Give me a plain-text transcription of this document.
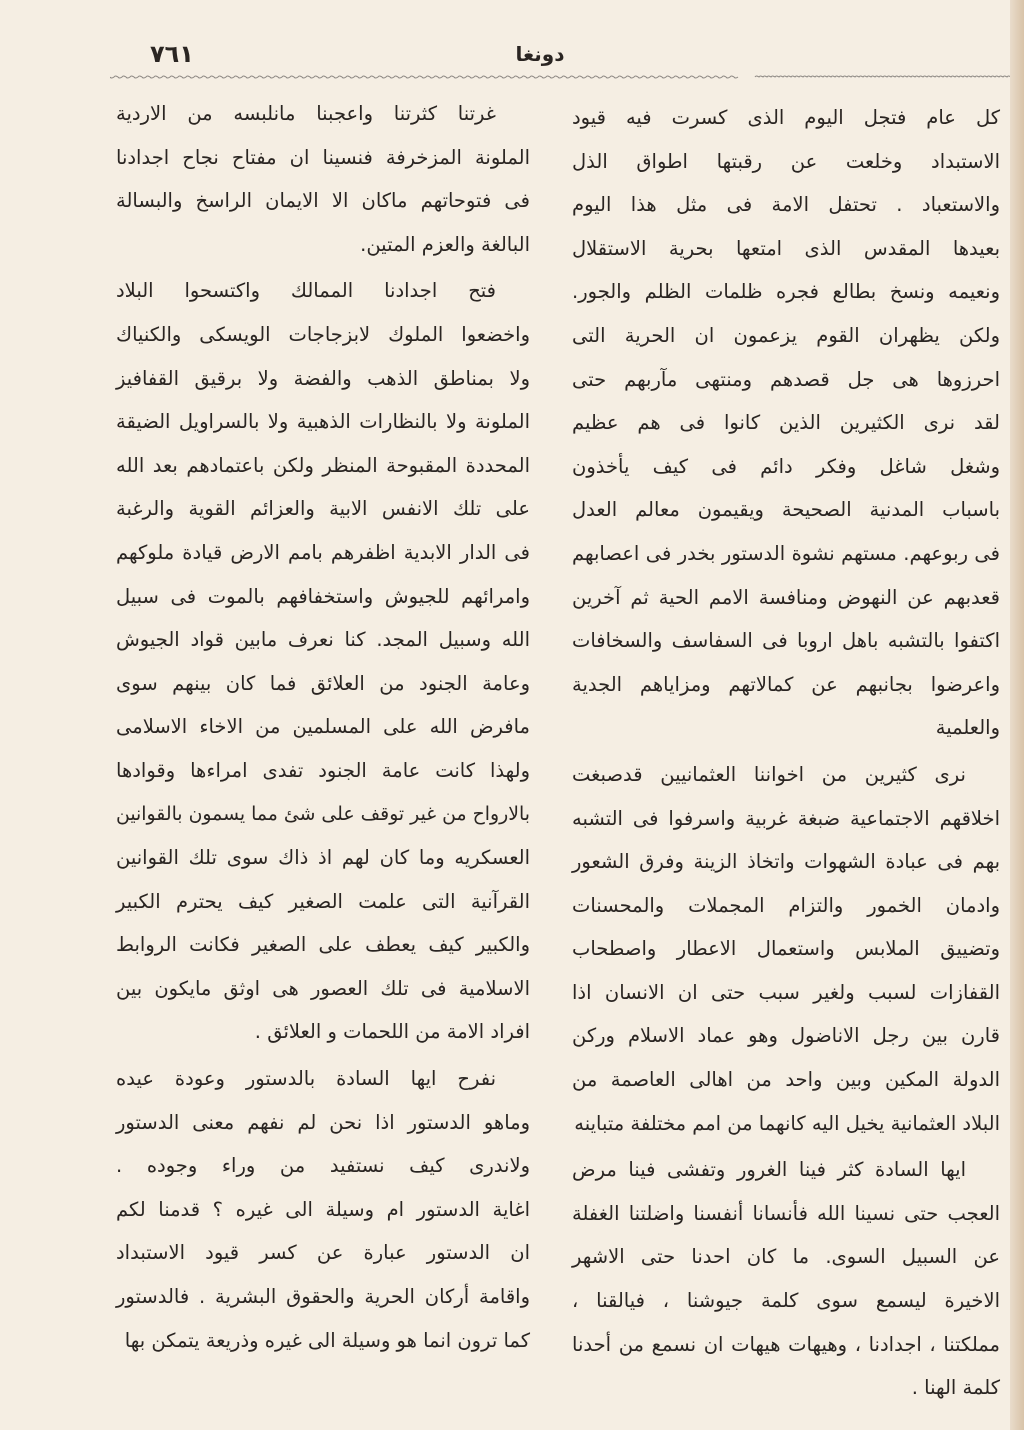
٧٦١	دونغا
كل عام فتجل اليوم الذى كسرت فيه قيود
الاستبداد وخلعت عن رقبتها اطواق الذل
والاستعباد . تحتفل الامة فى مثل هذا اليوم
بعيدها المقدس الذى امتعها بحرية الاستقلال
ونعيمه ونسخ بطالع فجره ظلمات الظلم والجور.
ولكن يظهران القوم يزعمون ان الحرية التى
احرزوها هى جل قصدهم ومنتهى مآربهم حتى
لقد نرى الكثيرين الذين كانوا فى هم عظيم
وشغل شاغل وفكر دائم فى كيف يأخذون
باسباب المدنية الصحيحة ويقيمون معالم العدل
فى ربوعهم. مستهم نشوة الدستور بخدر فى اعصابهم
قعدبهم عن النهوض ومنافسة الامم الحية ثم آخرين
اكتفوا بالتشبه باهل اروبا فى السفاسف والسخافات
واعرضوا بجانبهم عن كمالاتهم ومزاياهم الجدية
والعلمية
نرى كثيرين من اخواننا العثمانيين قدصبغت
اخلاقهم الاجتماعية ضبغة غربية واسرفوا فى التشبه
بهم فى عبادة الشهوات واتخاذ الزينة وفرق الشعور
وادمان الخمور والتزام المجملات والمحسنات
وتضييق الملابس واستعمال الاعطار واصطحاب
القفازات لسبب ولغير سبب حتى ان الانسان اذا
قارن بين رجل الاناضول وهو عماد الاسلام وركن
الدولة المكين وبين واحد من اهالى العاصمة من
البلاد العثمانية يخيل اليه كانهما من امم مختلفة متباينه
ايها السادة كثر فينا الغرور وتفشى فينا مرض
العجب حتى نسينا الله فأنسانا أنفسنا واضلتنا الغفلة
عن السبيل السوى. ما كان احدنا حتى الاشهر
الاخيرة ليسمع سوى كلمة جيوشنا ، فيالقنا ،
مملكتنا ، اجدادنا ، وهيهات هيهات ان نسمع من أحدنا
كلمة الهنا .
غرتنا كثرتنا واعجبنا مانلبسه من الاردية
الملونة المزخرفة فنسينا ان مفتاح نجاح اجدادنا
فى فتوحاتهم ماكان الا الايمان الراسخ والبسالة
البالغة والعزم المتين.
فتح اجدادنا الممالك واكتسحوا البلاد
واخضعوا الملوك لابزجاجات الويسكى والكنياك
ولا بمناطق الذهب والفضة ولا برقيق القفافيز
الملونة ولا بالنظارات الذهبية ولا بالسراويل الضيقة
المحددة المقبوحة المنظر ولكن باعتمادهم بعد الله
على تلك الانفس الابية والعزائم القوية والرغبة
فى الدار الابدية اظفرهم بامم الارض قيادة ملوكهم
وامرائهم للجيوش واستخفافهم بالموت فى سبيل
الله وسبيل المجد. كنا نعرف مابين قواد الجيوش
وعامة الجنود من العلائق فما كان بينهم سوى
مافرض الله على المسلمين من الاخاء الاسلامى
ولهذا كانت عامة الجنود تفدى امراءها وقوادها
بالارواح من غير توقف على شئ مما يسمون بالقوانين
العسكريه وما كان لهم اذ ذاك سوى تلك القوانين
القرآنية التى علمت الصغير كيف يحترم الكبير
والكبير كيف يعطف على الصغير فكانت الروابط
الاسلامية فى تلك العصور هى اوثق مايكون بين
افراد الامة من اللحمات و العلائق .
نفرح ايها السادة بالدستور وعودة عيده
وماهو الدستور اذا نحن لم نفهم معنى الدستور
ولاندرى كيف نستفيد من وراء وجوده .
اغاية الدستور ام وسيلة الى غيره ؟ قدمنا لكم
ان الدستور عبارة عن كسر قيود الاستبداد
واقامة أركان الحرية والحقوق البشرية . فالدستور
كما ترون انما هو وسيلة الى غيره وذريعة يتمكن بها
